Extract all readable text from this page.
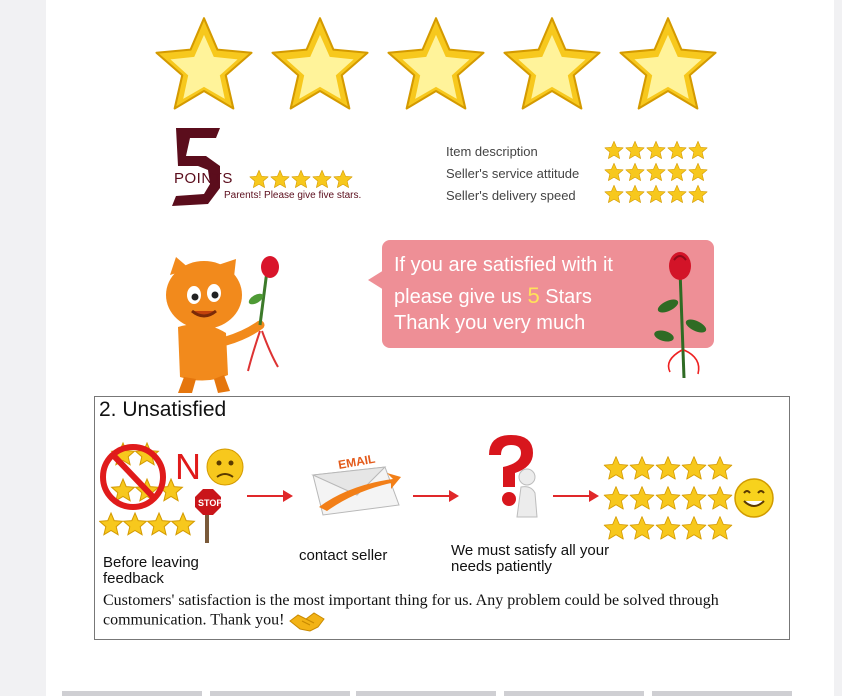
POINTS
Parents! Please give five stars.
Item description
Seller's service attitude
Seller's delivery speed
If you are satisfied with it
please give us 5 Stars
Thank you very much
2. Unsatisfied
N
STOP
Before leaving feedback
EMAIL
contact seller	We must satisfy all your needs patiently
Customers' satisfaction is the most important thing for us. Any problem could be solved through communication. Thank you!
